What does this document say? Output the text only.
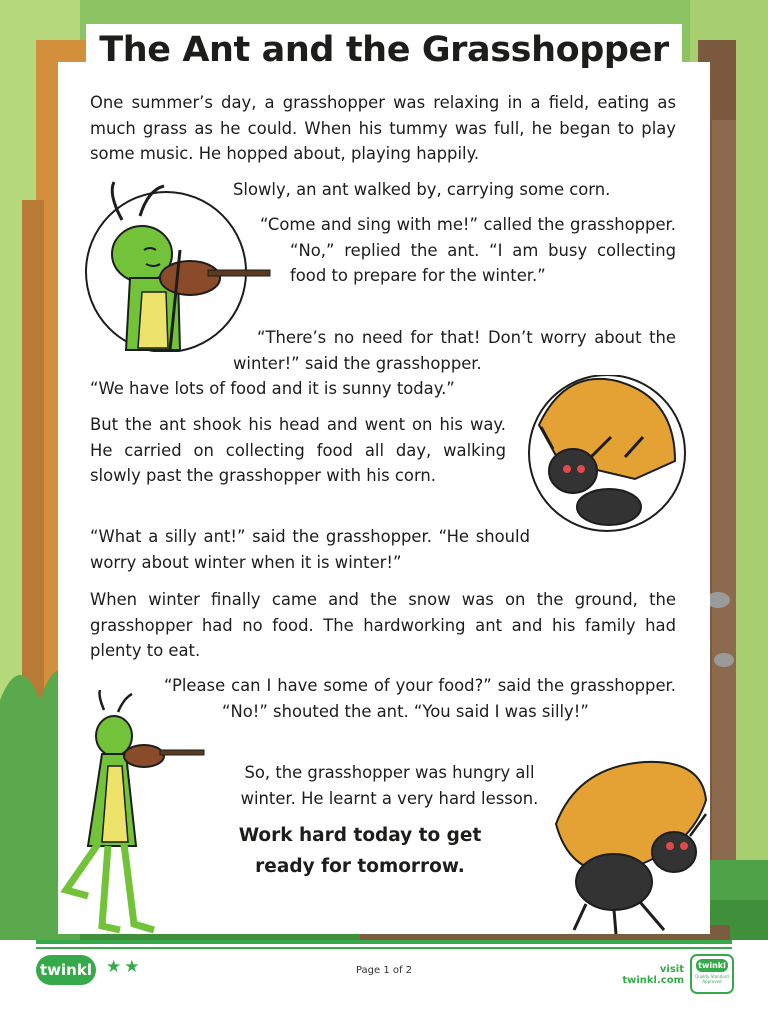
The Ant and the Grasshopper

One summer’s day, a grasshopper was relaxing in a field, eating as much grass as he could. When his tummy was full, he began to play some music. He hopped about, playing happily.

Slowly, an ant walked by, carrying some corn.

“Come and sing with me!” called the grasshopper. “No,” replied the ant. “I am busy collecting food to prepare for the winter.”

“There’s no need for that! Don’t worry about the winter!” said the grasshopper.

“We have lots of food and it is sunny today.”

But the ant shook his head and went on his way. He carried on collecting food all day, walking slowly past the grasshopper with his corn.

“What a silly ant!” said the grasshopper. “He should worry about winter when it is winter!”

When winter finally came and the snow was on the ground, the grasshopper had no food. The hardworking ant and his family had plenty to eat.

“Please can I have some of your food?” said the grasshopper. “No!” shouted the ant. “You said I was silly!”

So, the grasshopper was hungry all winter. He learnt a very hard lesson.

Work hard today to get ready for tomorrow.

twinkl ★★	Page 1 of 2	visit twinkl.com
twinkl
Quality Standard Approved
